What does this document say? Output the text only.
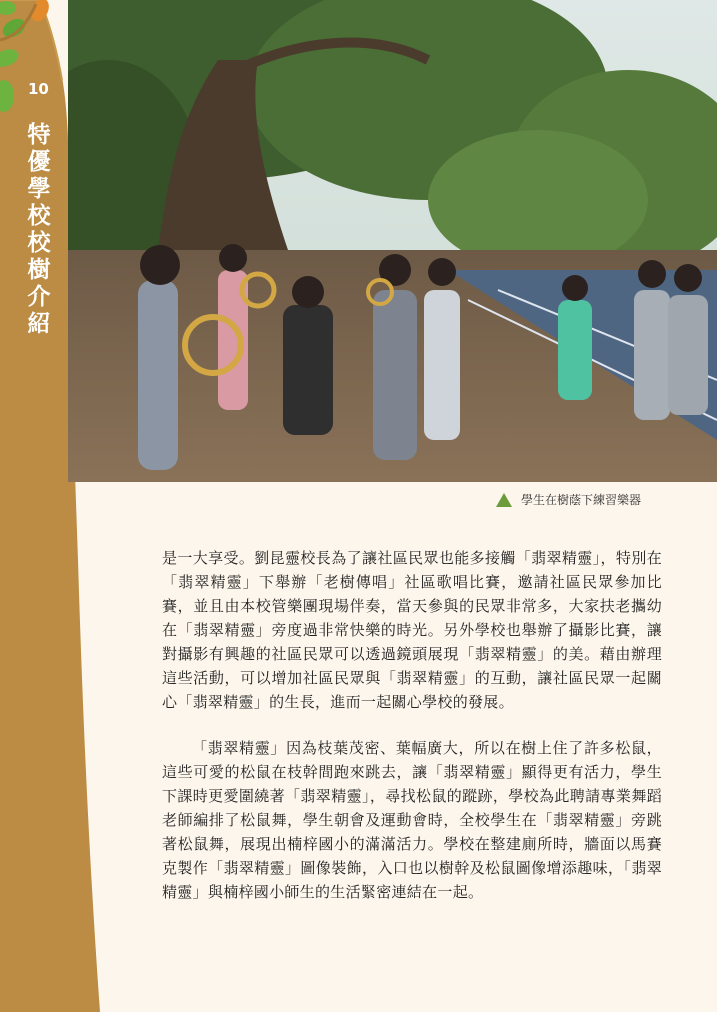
10
特優學校校樹介紹
學生在樹蔭下練習樂器

是一大享受。劉昆靈校長為了讓社區民眾也能多接觸「翡翠精靈」，特別在「翡翠精靈」下舉辦「老樹傳唱」社區歌唱比賽，邀請社區民眾參加比賽，並且由本校管樂團現場伴奏，當天參與的民眾非常多，大家扶老攜幼在「翡翠精靈」旁度過非常快樂的時光。另外學校也舉辦了攝影比賽，讓對攝影有興趣的社區民眾可以透過鏡頭展現「翡翠精靈」的美。藉由辦理這些活動，可以增加社區民眾與「翡翠精靈」的互動，讓社區民眾一起關心「翡翠精靈」的生長，進而一起關心學校的發展。

「翡翠精靈」因為枝葉茂密、葉幅廣大，所以在樹上住了許多松鼠，這些可愛的松鼠在枝幹間跑來跳去，讓「翡翠精靈」顯得更有活力，學生下課時更愛圍繞著「翡翠精靈」，尋找松鼠的蹤跡，學校為此聘請專業舞蹈老師編排了松鼠舞，學生朝會及運動會時，全校學生在「翡翠精靈」旁跳著松鼠舞，展現出楠梓國小的滿滿活力。學校在整建廁所時，牆面以馬賽克製作「翡翠精靈」圖像裝飾，入口也以樹幹及松鼠圖像增添趣味，「翡翠精靈」與楠梓國小師生的生活緊密連結在一起。
